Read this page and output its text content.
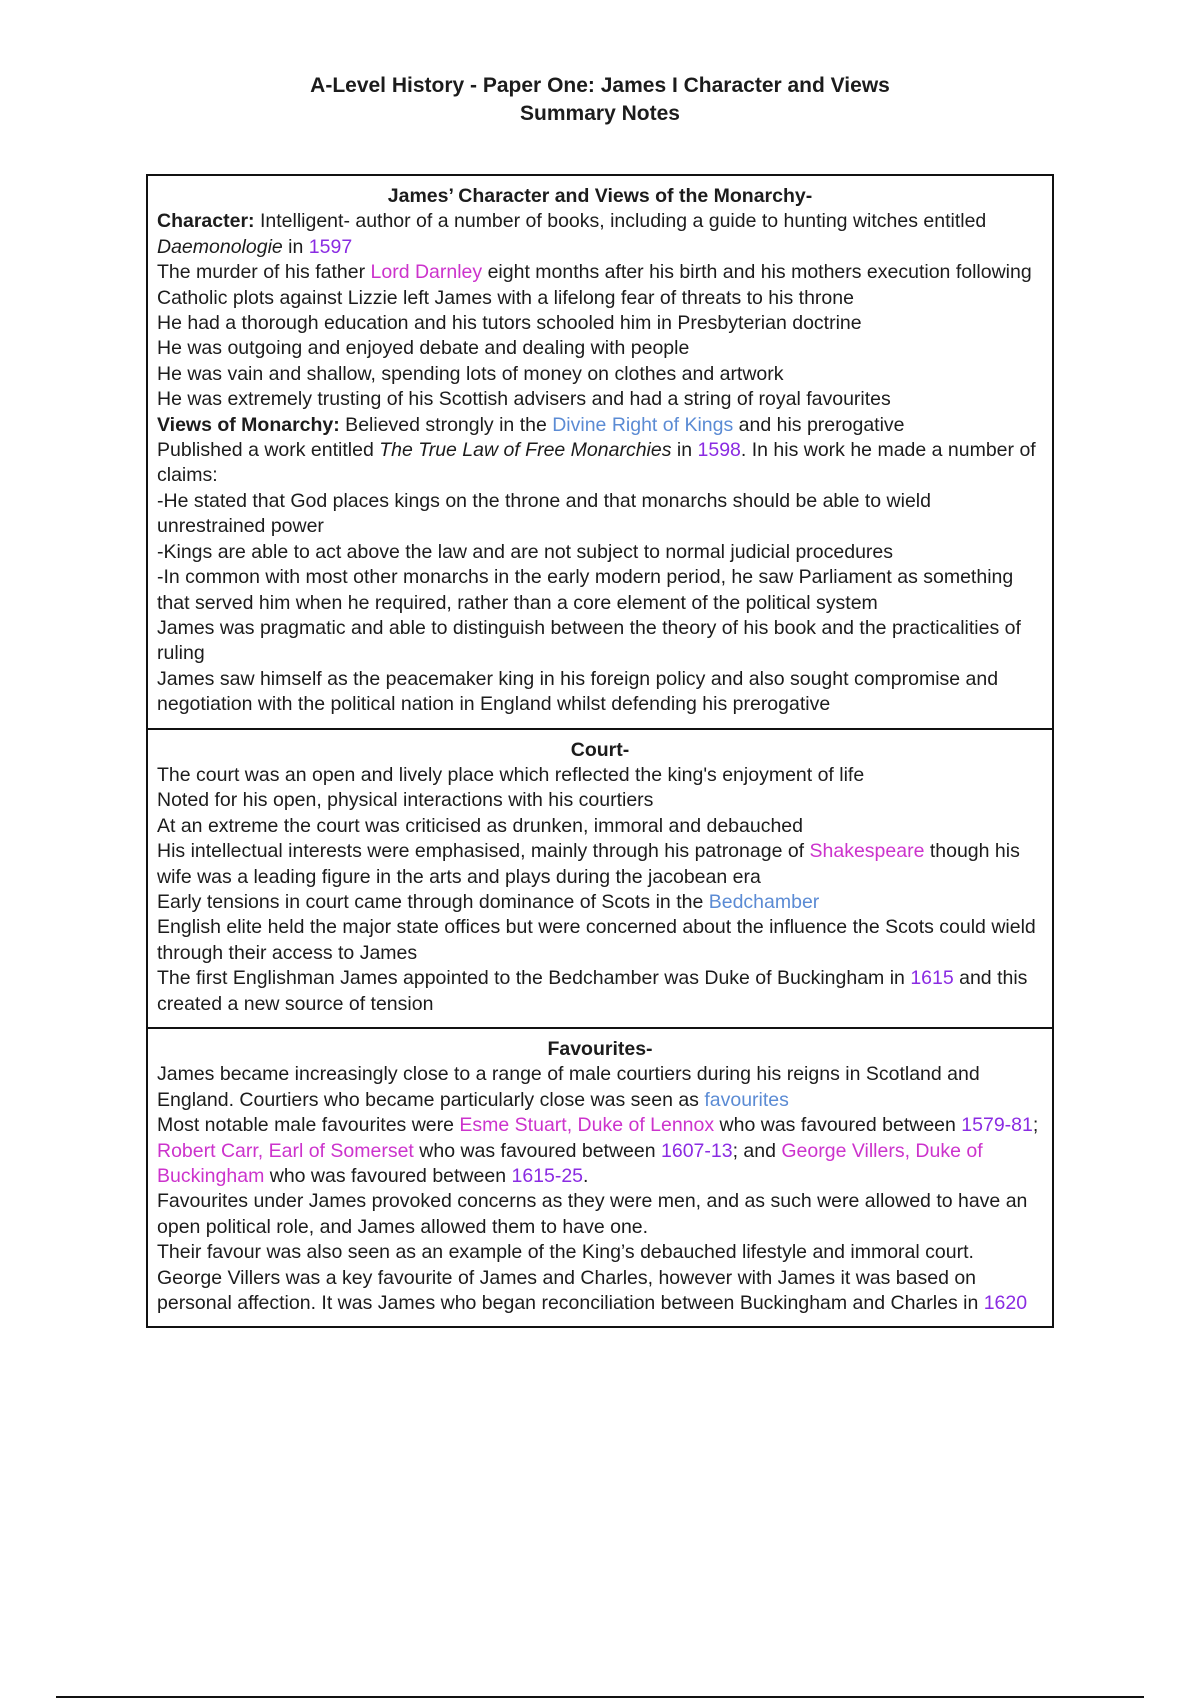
A-Level History - Paper One: James I Character and Views
Summary Notes
James’ Character and Views of the Monarchy-
Character: Intelligent- author of a number of books, including a guide to hunting witches entitled Daemonologie in 1597
The murder of his father Lord Darnley eight months after his birth and his mothers execution following Catholic plots against Lizzie left James with a lifelong fear of threats to his throne
He had a thorough education and his tutors schooled him in Presbyterian doctrine
He was outgoing and enjoyed debate and dealing with people
He was vain and shallow, spending lots of money on clothes and artwork
He was extremely trusting of his Scottish advisers and had a string of royal favourites
Views of Monarchy: Believed strongly in the Divine Right of Kings and his prerogative
Published a work entitled The True Law of Free Monarchies in 1598. In his work he made a number of claims:
-He stated that God places kings on the throne and that monarchs should be able to wield unrestrained power
-Kings are able to act above the law and are not subject to normal judicial procedures
-In common with most other monarchs in the early modern period, he saw Parliament as something that served him when he required, rather than a core element of the political system
James was pragmatic and able to distinguish between the theory of his book and the practicalities of ruling
James saw himself as the peacemaker king in his foreign policy and also sought compromise and negotiation with the political nation in England whilst defending his prerogative
Court-
The court was an open and lively place which reflected the king's enjoyment of life
Noted for his open, physical interactions with his courtiers
At an extreme the court was criticised as drunken, immoral and debauched
His intellectual interests were emphasised, mainly through his patronage of Shakespeare though his wife was a leading figure in the arts and plays during the jacobean era
Early tensions in court came through dominance of Scots in the Bedchamber
English elite held the major state offices but were concerned about the influence the Scots could wield through their access to James
The first Englishman James appointed to the Bedchamber was Duke of Buckingham in 1615 and this created a new source of tension
Favourites-
James became increasingly close to a range of male courtiers during his reigns in Scotland and England. Courtiers who became particularly close was seen as favourites
Most notable male favourites were Esme Stuart, Duke of Lennox who was favoured between 1579-81; Robert Carr, Earl of Somerset who was favoured between 1607-13; and George Villers, Duke of Buckingham who was favoured between 1615-25.
Favourites under James provoked concerns as they were men, and as such were allowed to have an open political role, and James allowed them to have one.
Their favour was also seen as an example of the King’s debauched lifestyle and immoral court.
George Villers was a key favourite of James and Charles, however with James it was based on personal affection. It was James who began reconciliation between Buckingham and Charles in 1620
